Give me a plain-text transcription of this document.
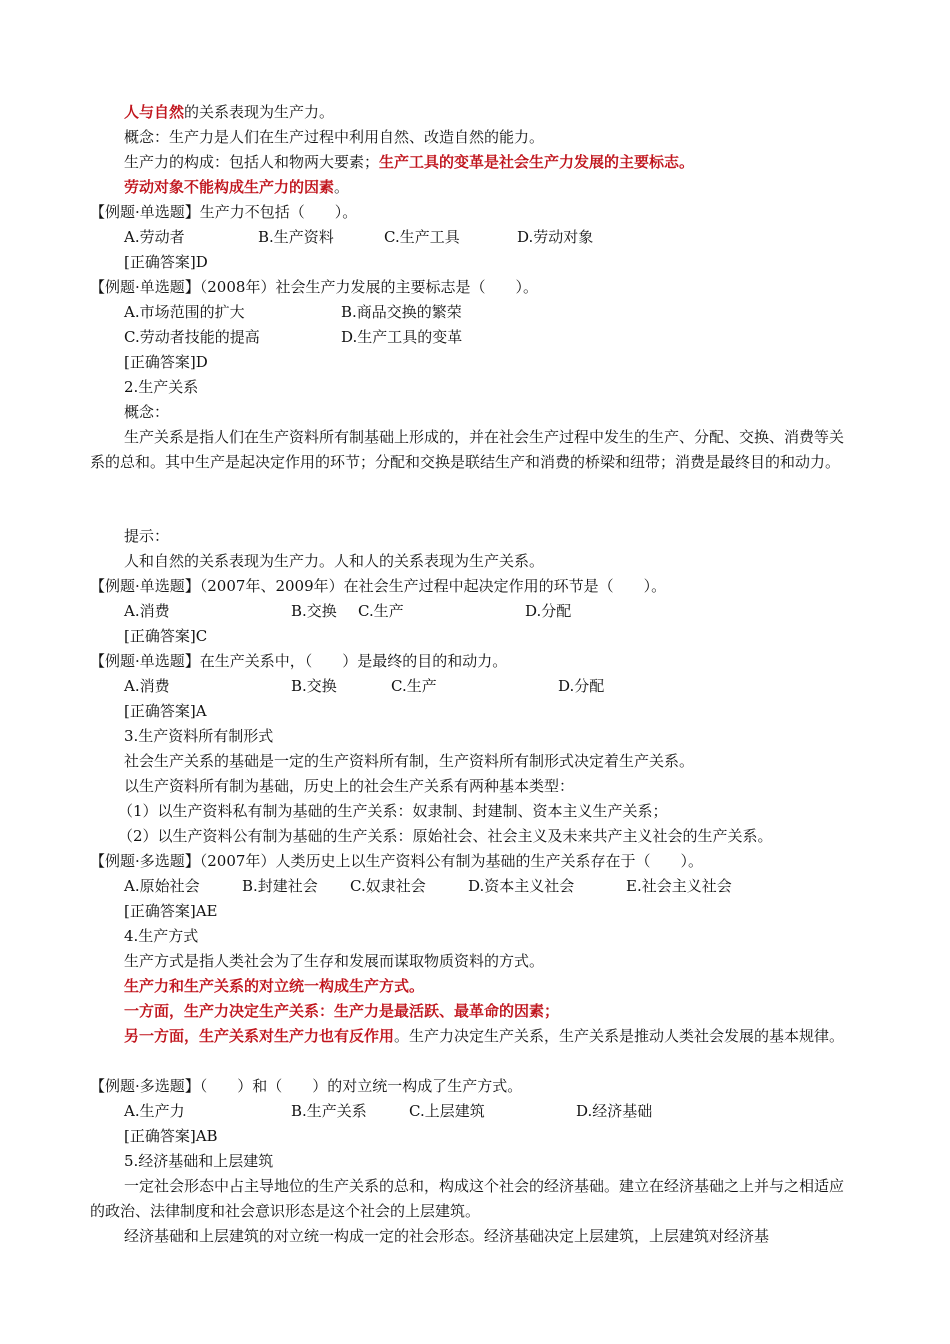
人与自然的关系表现为生产力。
概念：生产力是人们在生产过程中利用自然、改造自然的能力。
生产力的构成：包括人和物两大要素；生产工具的变革是社会生产力发展的主要标志。
劳动对象不能构成生产力的因素。
【例题·单选题】生产力不包括（　　）。
A.劳动者	B.生产资料	C.生产工具	D.劳动对象
[正确答案]D
【例题·单选题】（2008年）社会生产力发展的主要标志是（　　）。
A.市场范围的扩大	B.商品交换的繁荣
C.劳动者技能的提高	D.生产工具的变革
[正确答案]D
2.生产关系
概念：
生产关系是指人们在生产资料所有制基础上形成的，并在社会生产过程中发生的生产、分配、交换、消费等关系的总和。其中生产是起决定作用的环节；分配和交换是联结生产和消费的桥梁和纽带；消费是最终目的和动力。
提示：
人和自然的关系表现为生产力。人和人的关系表现为生产关系。
【例题·单选题】（2007年、2009年）在社会生产过程中起决定作用的环节是（　　）。
A.消费	B.交换 C.生产	D.分配
[正确答案]C
【例题·单选题】在生产关系中，（　　）是最终的目的和动力。
A.消费	B.交换	C.生产	D.分配
[正确答案]A
3.生产资料所有制形式
社会生产关系的基础是一定的生产资料所有制，生产资料所有制形式决定着生产关系。
以生产资料所有制为基础，历史上的社会生产关系有两种基本类型：
（1）以生产资料私有制为基础的生产关系：奴隶制、封建制、资本主义生产关系；
（2）以生产资料公有制为基础的生产关系：原始社会、社会主义及未来共产主义社会的生产关系。
【例题·多选题】（2007年）人类历史上以生产资料公有制为基础的生产关系存在于（　　）。
A.原始社会	B.封建社会 C.奴隶社会	D.资本主义社会	E.社会主义社会
[正确答案]AE
4.生产方式
生产方式是指人类社会为了生存和发展而谋取物质资料的方式。
生产力和生产关系的对立统一构成生产方式。
一方面，生产力决定生产关系：生产力是最活跃、最革命的因素；
另一方面，生产关系对生产力也有反作用。生产力决定生产关系，生产关系是推动人类社会发展的基本规律。
【例题·多选题】（　　）和（　　）的对立统一构成了生产方式。
A.生产力	B.生产关系	C.上层建筑	D.经济基础
[正确答案]AB
5.经济基础和上层建筑
一定社会形态中占主导地位的生产关系的总和，构成这个社会的经济基础。建立在经济基础之上并与之相适应的政治、法律制度和社会意识形态是这个社会的上层建筑。
经济基础和上层建筑的对立统一构成一定的社会形态。经济基础决定上层建筑，上层建筑对经济基
